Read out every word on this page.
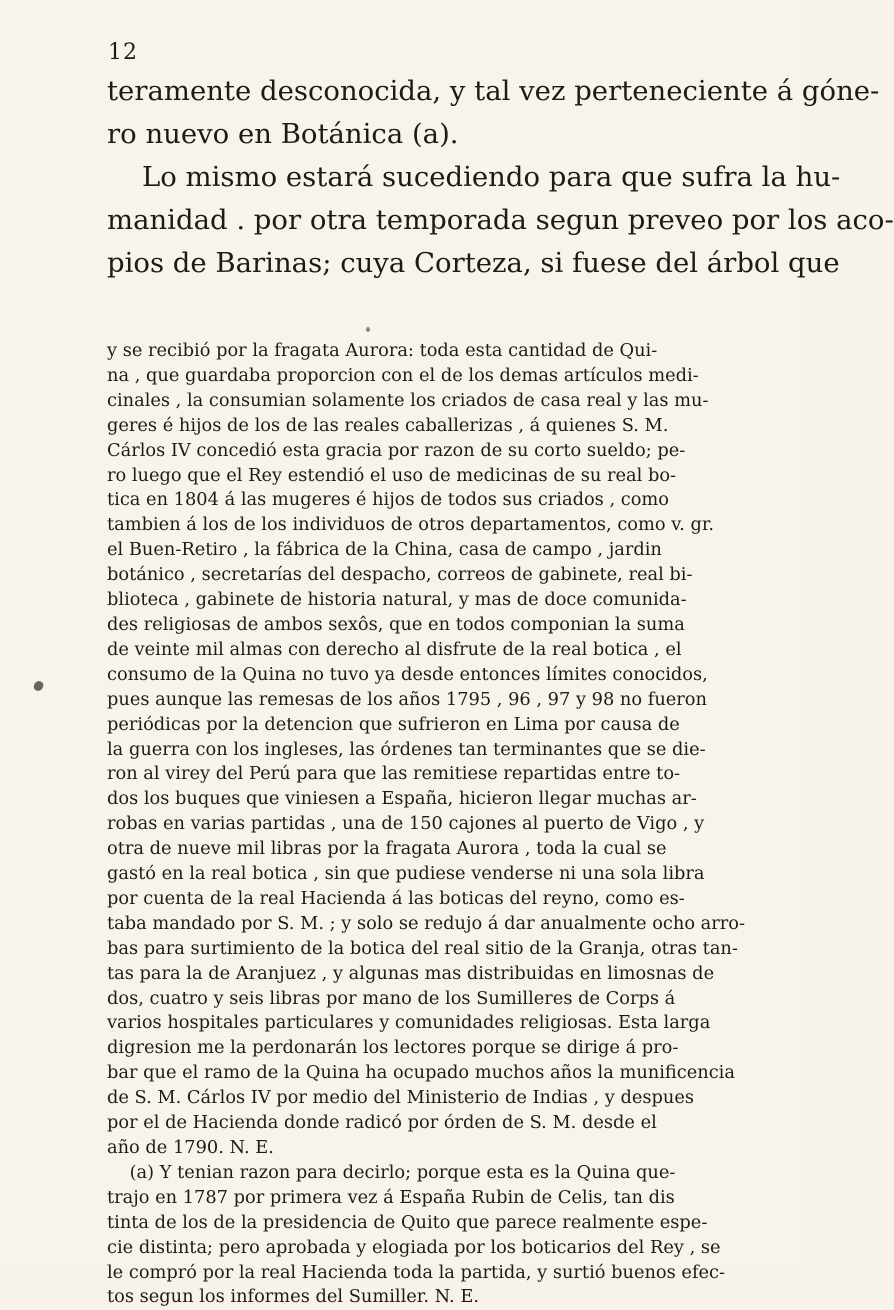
12
teramente desconocida, y tal vez perteneciente á góne-
ro nuevo en Botánica (a).
Lo mismo estará sucediendo para que sufra la hu-
manidad . por otra temporada segun preveo por los aco-
pios de Barinas; cuya Corteza, si fuese del árbol que
y se recibió por la fragata Aurora: toda esta cantidad de Qui-
na , que guardaba proporcion con el de los demas artículos medi-
cinales , la consumian solamente los criados de casa real y las mu-
geres é hijos de los de las reales caballerizas , á quienes S. M.
Cárlos IV concedió esta gracia por razon de su corto sueldo; pe-
ro luego que el Rey estendió el uso de medicinas de su real bo-
tica en 1804 á las mugeres é hijos de todos sus criados , como
tambien á los de los individuos de otros departamentos, como v. gr.
el Buen-Retiro , la fábrica de la China, casa de campo , jardin
botánico , secretarías del despacho, correos de gabinete, real bi-
blioteca , gabinete de historia natural, y mas de doce comunida-
des religiosas de ambos sexôs, que en todos componian la suma
de veinte mil almas con derecho al disfrute de la real botica , el
consumo de la Quina no tuvo ya desde entonces límites conocidos,
pues aunque las remesas de los años 1795 , 96 , 97 y 98 no fueron
periódicas por la detencion que sufrieron en Lima por causa de
la guerra con los ingleses, las órdenes tan terminantes que se die-
ron al virey del Perú para que las remitiese repartidas entre to-
dos los buques que viniesen a España, hicieron llegar muchas ar-
robas en varias partidas , una de 150 cajones al puerto de Vigo , y
otra de nueve mil libras por la fragata Aurora , toda la cual se
gastó en la real botica , sin que pudiese venderse ni una sola libra
por cuenta de la real Hacienda á las boticas del reyno, como es-
taba mandado por S. M. ; y solo se redujo á dar anualmente ocho arro-
bas para surtimiento de la botica del real sitio de la Granja, otras tan-
tas para la de Aranjuez , y algunas mas distribuidas en limosnas de
dos, cuatro y seis libras por mano de los Sumilleres de Corps á
varios hospitales particulares y comunidades religiosas. Esta larga
digresion me la perdonarán los lectores porque se dirige á pro-
bar que el ramo de la Quina ha ocupado muchos años la munificencia
de S. M. Cárlos IV por medio del Ministerio de Indias , y despues
por el de Hacienda donde radicó por órden de S. M. desde el
año de 1790. N. E.
(a) Y tenian razon para decirlo; porque esta es la Quina que-
trajo en 1787 por primera vez á España Rubin de Celis, tan dis
tinta de los de la presidencia de Quito que parece realmente espe-
cie distinta; pero aprobada y elogiada por los boticarios del Rey , se
le compró por la real Hacienda toda la partida, y surtió buenos efec-
tos segun los informes del Sumiller. N. E.
